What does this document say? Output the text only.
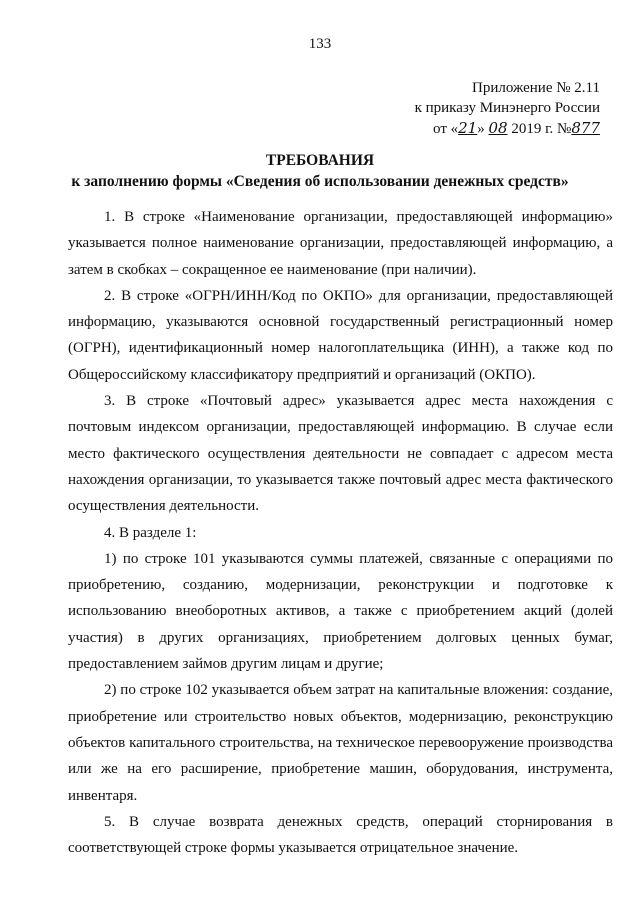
133
Приложение № 2.11
к приказу Минэнерго России
от «21» 08 2019 г. №877
ТРЕБОВАНИЯ
к заполнению формы «Сведения об использовании денежных средств»

1. В строке «Наименование организации, предоставляющей информацию» указывается полное наименование организации, предоставляющей информацию, а затем в скобках – сокращенное ее наименование (при наличии).

2. В строке «ОГРН/ИНН/Код по ОКПО» для организации, предоставляющей информацию, указываются основной государственный регистрационный номер (ОГРН), идентификационный номер налогоплательщика (ИНН), а также код по Общероссийскому классификатору предприятий и организаций (ОКПО).

3. В строке «Почтовый адрес» указывается адрес места нахождения с почтовым индексом организации, предоставляющей информацию. В случае если место фактического осуществления деятельности не совпадает с адресом места нахождения организации, то указывается также почтовый адрес места фактического осуществления деятельности.

4. В разделе 1:

1) по строке 101 указываются суммы платежей, связанные с операциями по приобретению, созданию, модернизации, реконструкции и подготовке к использованию внеоборотных активов, а также с приобретением акций (долей участия) в других организациях, приобретением долговых ценных бумаг, предоставлением займов другим лицам и другие;

2) по строке 102 указывается объем затрат на капитальные вложения: создание, приобретение или строительство новых объектов, модернизацию, реконструкцию объектов капитального строительства, на техническое перевооружение производства или же на его расширение, приобретение машин, оборудования, инструмента, инвентаря.

5. В случае возврата денежных средств, операций сторнирования в соответствующей строке формы указывается отрицательное значение.
